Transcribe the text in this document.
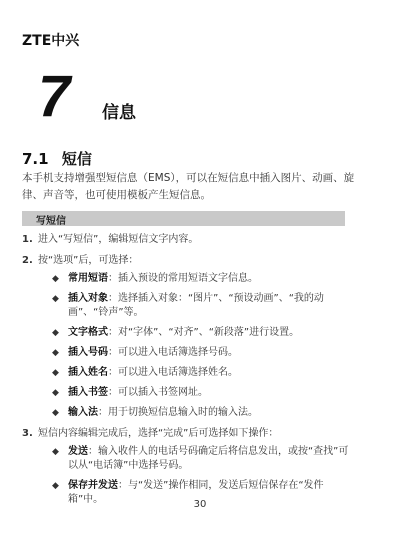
ZTE中兴
7 信息
7.1 短信
本手机支持增强型短信息（EMS），可以在短信息中插入图片、动画、旋律、声音等，也可使用模板产生短信息。
写短信
1. 进入“写短信”，编辑短信文字内容。
2. 按“选项”后，可选择：
◆ 常用短语：插入预设的常用短语文字信息。
◆ 插入对象：选择插入对象：“图片”、“预设动画”、“我的动画”、“铃声”等。
◆ 文字格式：对“字体”、“对齐”、“新段落”进行设置。
◆ 插入号码：可以进入电话簿选择号码。
◆ 插入姓名：可以进入电话簿选择姓名。
◆ 插入书签：可以插入书签网址。
◆ 输入法：用于切换短信息输入时的输入法。
3. 短信内容编辑完成后，选择“完成”后可选择如下操作：
◆ 发送：输入收件人的电话号码确定后将信息发出，或按“查找”可以从“电话簿”中选择号码。
◆ 保存并发送：与“发送”操作相同，发送后短信保存在“发件箱”中。	30
